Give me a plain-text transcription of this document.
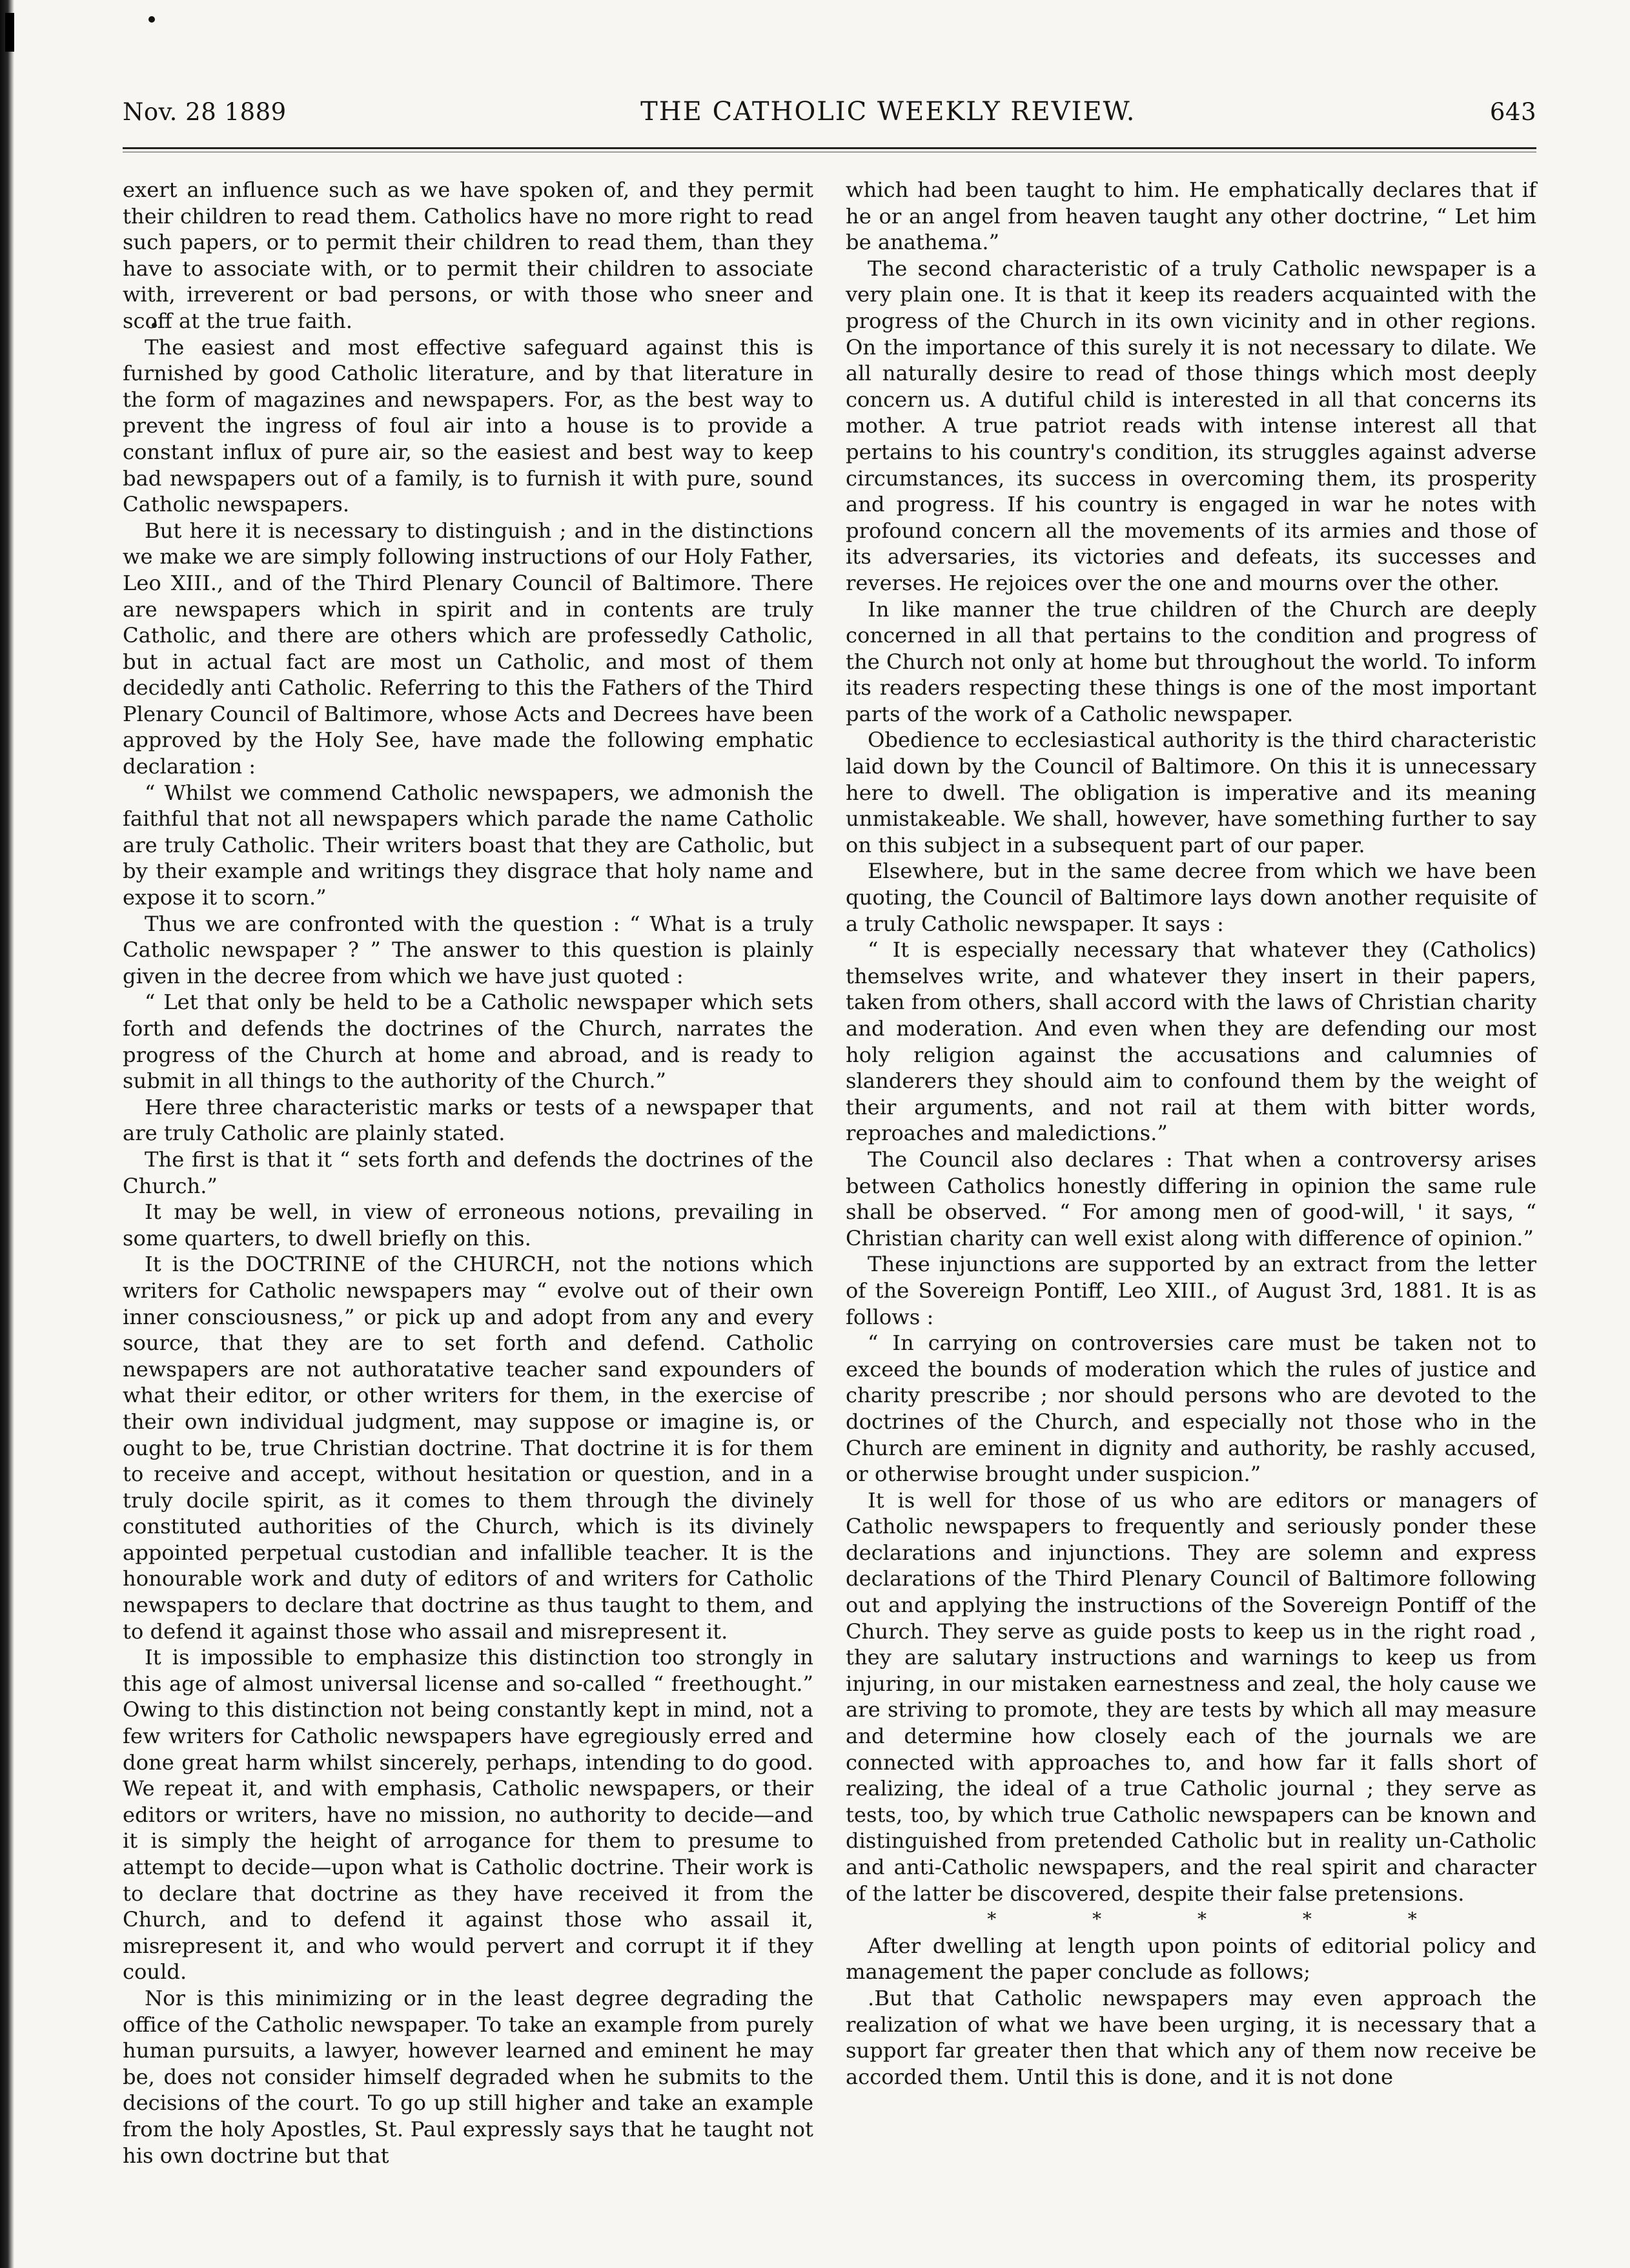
Nov. 28 1889	THE CATHOLIC WEEKLY REVIEW.	643

exert an influence such as we have spoken of, and they permit their children to read them. Catholics have no more right to read such papers, or to permit their children to read them, than they have to associate with, or to permit their children to associate with, irreverent or bad persons, or with those who sneer and scoff at the true faith.

The easiest and most effective safeguard against this is furnished by good Catholic literature, and by that literature in the form of magazines and newspapers. For, as the best way to prevent the ingress of foul air into a house is to provide a constant influx of pure air, so the easiest and best way to keep bad newspapers out of a family, is to furnish it with pure, sound Catholic newspapers.

But here it is necessary to distinguish ; and in the distinctions we make we are simply following instructions of our Holy Father, Leo XIII., and of the Third Plenary Council of Baltimore. There are newspapers which in spirit and in contents are truly Catholic, and there are others which are professedly Catholic, but in actual fact are most un Catholic, and most of them decidedly anti Catholic. Referring to this the Fathers of the Third Plenary Council of Baltimore, whose Acts and Decrees have been approved by the Holy See, have made the following emphatic declaration :

“ Whilst we commend Catholic newspapers, we admonish the faithful that not all newspapers which parade the name Catholic are truly Catholic. Their writers boast that they are Catholic, but by their example and writings they disgrace that holy name and expose it to scorn.”

Thus we are confronted with the question : “ What is a truly Catholic newspaper ? ” The answer to this question is plainly given in the decree from which we have just quoted :

“ Let that only be held to be a Catholic newspaper which sets forth and defends the doctrines of the Church, narrates the progress of the Church at home and abroad, and is ready to submit in all things to the authority of the Church.”

Here three characteristic marks or tests of a newspaper that are truly Catholic are plainly stated.

The first is that it “ sets forth and defends the doctrines of the Church.”

It may be well, in view of erroneous notions, prevailing in some quarters, to dwell briefly on this.

It is the DOCTRINE of the CHURCH, not the notions which writers for Catholic newspapers may “ evolve out of their own inner consciousness,” or pick up and adopt from any and every source, that they are to set forth and defend. Catholic newspapers are not authoratative teacher sand expounders of what their editor, or other writers for them, in the exercise of their own individual judgment, may suppose or imagine is, or ought to be, true Christian doctrine. That doctrine it is for them to receive and accept, without hesitation or question, and in a truly docile spirit, as it comes to them through the divinely constituted authorities of the Church, which is its divinely appointed perpetual custodian and infallible teacher. It is the honourable work and duty of editors of and writers for Catholic newspapers to declare that doctrine as thus taught to them, and to defend it against those who assail and misrepresent it.

It is impossible to emphasize this distinction too strongly in this age of almost universal license and so-called “ freethought.” Owing to this distinction not being constantly kept in mind, not a few writers for Catholic newspapers have egregiously erred and done great harm whilst sincerely, perhaps, intending to do good. We repeat it, and with emphasis, Catholic newspapers, or their editors or writers, have no mission, no authority to decide—and it is simply the height of arrogance for them to presume to attempt to decide—upon what is Catholic doctrine. Their work is to declare that doctrine as they have received it from the Church, and to defend it against those who assail it, misrepresent it, and who would pervert and corrupt it if they could.

Nor is this minimizing or in the least degree degrading the office of the Catholic newspaper. To take an example from purely human pursuits, a lawyer, however learned and eminent he may be, does not consider himself degraded when he submits to the decisions of the court. To go up still higher and take an example from the holy Apostles, St. Paul expressly says that he taught not his own doctrine but that

which had been taught to him. He emphatically declares that if he or an angel from heaven taught any other doctrine, “ Let him be anathema.”

The second characteristic of a truly Catholic newspaper is a very plain one. It is that it keep its readers acquainted with the progress of the Church in its own vicinity and in other regions. On the importance of this surely it is not necessary to dilate. We all naturally desire to read of those things which most deeply concern us. A dutiful child is interested in all that concerns its mother. A true patriot reads with intense interest all that pertains to his country's condition, its struggles against adverse circumstances, its success in overcoming them, its prosperity and progress. If his country is engaged in war he notes with profound concern all the movements of its armies and those of its adversaries, its victories and defeats, its successes and reverses. He rejoices over the one and mourns over the other.

In like manner the true children of the Church are deeply concerned in all that pertains to the condition and progress of the Church not only at home but throughout the world. To inform its readers respecting these things is one of the most important parts of the work of a Catholic newspaper.

Obedience to ecclesiastical authority is the third characteristic laid down by the Council of Baltimore. On this it is unnecessary here to dwell. The obligation is imperative and its meaning unmistakeable. We shall, however, have something further to say on this subject in a subsequent part of our paper.

Elsewhere, but in the same decree from which we have been quoting, the Council of Baltimore lays down another requisite of a truly Catholic newspaper. It says :

“ It is especially necessary that whatever they (Catholics) themselves write, and whatever they insert in their papers, taken from others, shall accord with the laws of Christian charity and moderation. And even when they are defending our most holy religion against the accusations and calumnies of slanderers they should aim to confound them by the weight of their arguments, and not rail at them with bitter words, reproaches and maledictions.”

The Council also declares : That when a controversy arises between Catholics honestly differing in opinion the same rule shall be observed. “ For among men of good-will, ' it says, “ Christian charity can well exist along with difference of opinion.”

These injunctions are supported by an extract from the letter of the Sovereign Pontiff, Leo XIII., of August 3rd, 1881. It is as follows :

“ In carrying on controversies care must be taken not to exceed the bounds of moderation which the rules of justice and charity prescribe ; nor should persons who are devoted to the doctrines of the Church, and especially not those who in the Church are eminent in dignity and authority, be rashly accused, or otherwise brought under suspicion.”

It is well for those of us who are editors or managers of Catholic newspapers to frequently and seriously ponder these declarations and injunctions. They are solemn and express declarations of the Third Plenary Council of Baltimore following out and applying the instructions of the Sovereign Pontiff of the Church. They serve as guide posts to keep us in the right road , they are salutary instructions and warnings to keep us from injuring, in our mistaken earnestness and zeal, the holy cause we are striving to promote, they are tests by which all may measure and determine how closely each of the journals we are connected with approaches to, and how far it falls short of realizing, the ideal of a true Catholic journal ; they serve as tests, too, by which true Catholic newspapers can be known and distinguished from pretended Catholic but in reality un-Catholic and anti-Catholic newspapers, and the real spirit and character of the latter be discovered, despite their false pretensions.

* * * * *

After dwelling at length upon points of editorial policy and management the paper conclude as follows;

.But that Catholic newspapers may even approach the realization of what we have been urging, it is necessary that a support far greater then that which any of them now receive be accorded them. Until this is done, and it is not done
